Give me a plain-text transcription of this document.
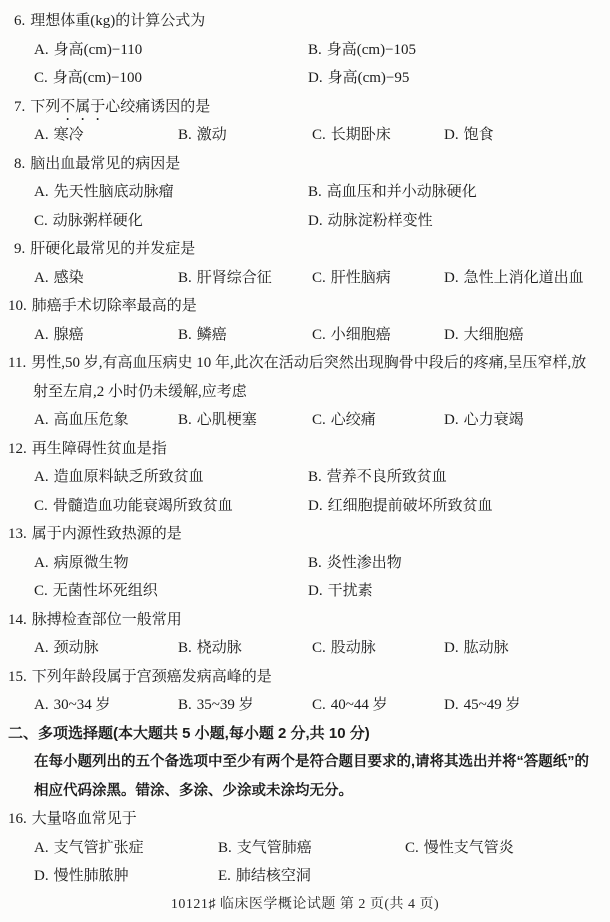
6. 理想体重(kg)的计算公式为
A. 身高(cm)−110	B. 身高(cm)−105
C. 身高(cm)−100	D. 身高(cm)−95
7. 下列不属于心绞痛诱因的是
A. 寒冷	B. 激动	C. 长期卧床	D. 饱食
8. 脑出血最常见的病因是
A. 先天性脑底动脉瘤	B. 高血压和并小动脉硬化
C. 动脉粥样硬化	D. 动脉淀粉样变性
9. 肝硬化最常见的并发症是
A. 感染	B. 肝肾综合征	C. 肝性脑病	D. 急性上消化道出血
10. 肺癌手术切除率最高的是
A. 腺癌	B. 鳞癌	C. 小细胞癌	D. 大细胞癌
11. 男性,50 岁,有高血压病史 10 年,此次在活动后突然出现胸骨中段后的疼痛,呈压窄样,放
射至左肩,2 小时仍未缓解,应考虑
A. 高血压危象	B. 心肌梗塞	C. 心绞痛	D. 心力衰竭
12. 再生障碍性贫血是指
A. 造血原料缺乏所致贫血	B. 营养不良所致贫血
C. 骨髓造血功能衰竭所致贫血	D. 红细胞提前破坏所致贫血
13. 属于内源性致热源的是
A. 病原微生物	B. 炎性渗出物
C. 无菌性坏死组织	D. 干扰素
14. 脉搏检查部位一般常用
A. 颈动脉	B. 桡动脉	C. 股动脉	D. 肱动脉
15. 下列年龄段属于宫颈癌发病高峰的是
A. 30~34 岁	B. 35~39 岁	C. 40~44 岁	D. 45~49 岁
二、多项选择题(本大题共 5 小题,每小题 2 分,共 10 分)
在每小题列出的五个备选项中至少有两个是符合题目要求的,请将其选出并将“答题纸”的
相应代码涂黑。错涂、多涂、少涂或未涂均无分。
16. 大量咯血常见于
A. 支气管扩张症	B. 支气管肺癌	C. 慢性支气管炎
D. 慢性肺脓肿	E. 肺结核空洞
10121♯ 临床医学概论试题 第 2 页(共 4 页)
